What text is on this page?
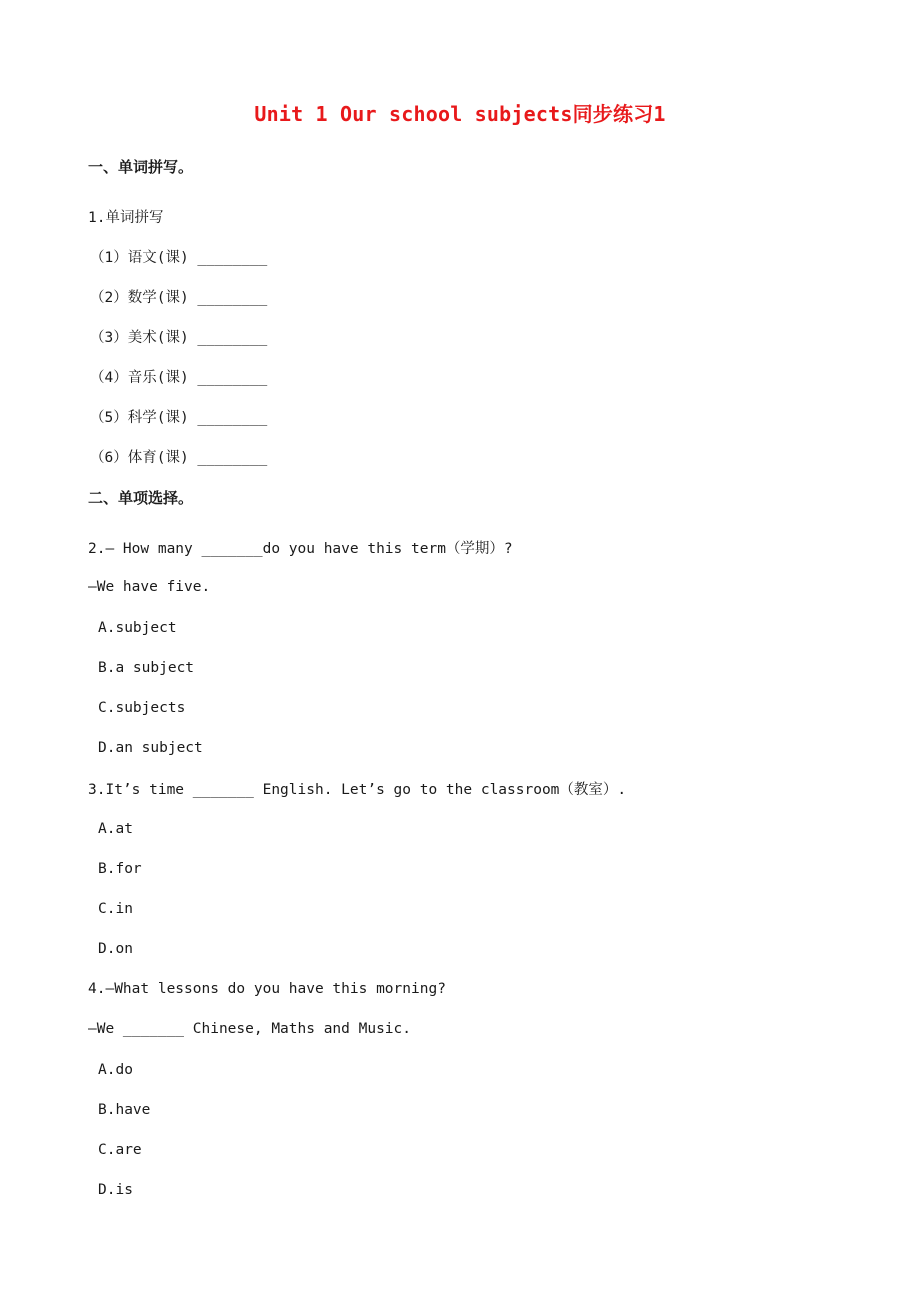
Unit 1 Our school subjects同步练习1
一、单词拼写。
1.单词拼写
（1）语文(课) ________
（2）数学(课) ________
（3）美术(课) ________
（4）音乐(课) ________
（5）科学(课) ________
（6）体育(课) ________
二、单项选择。
2.— How many _______do you have this term（学期）?
—We have five.
A.subject
B.a subject
C.subjects
D.an subject
3.It’s time _______ English. Let’s go to the classroom（教室）.
A.at
B.for
C.in
D.on
4.—What lessons do you have this morning?
—We _______ Chinese, Maths and Music.
A.do
B.have
C.are
D.is
